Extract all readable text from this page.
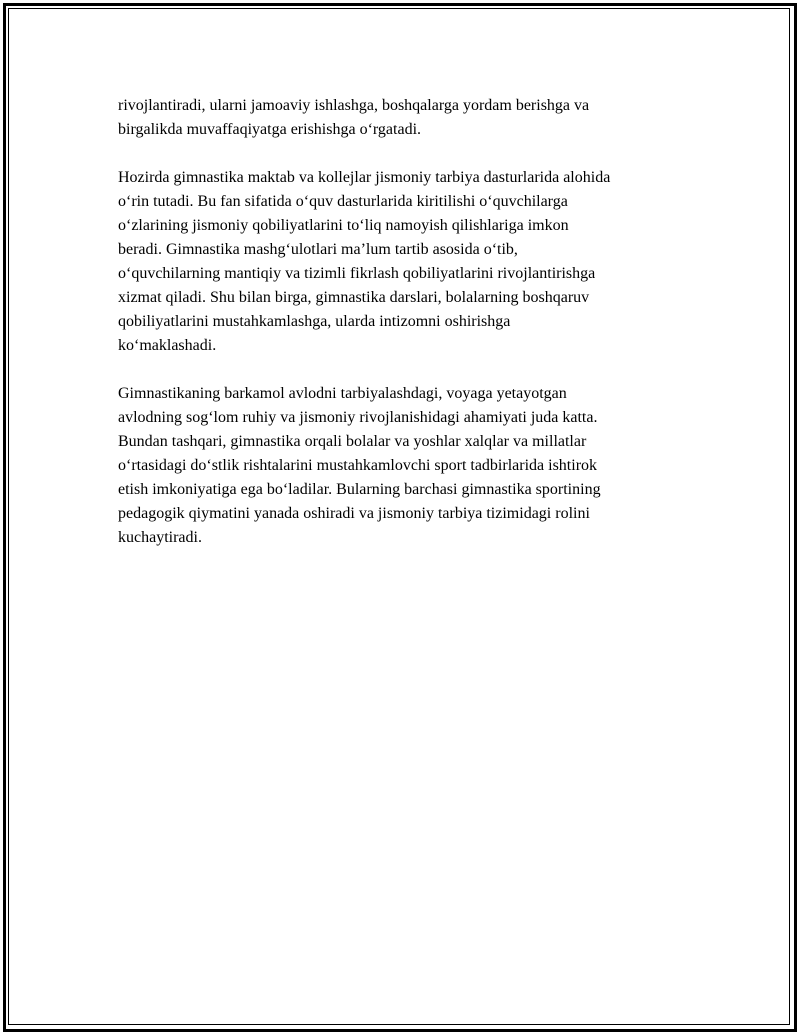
rivojlantiradi, ularni jamoaviy ishlashga, boshqalarga yordam berishga va
birgalikda muvaffaqiyatga erishishga o‘rgatadi.

Hozirda gimnastika maktab va kollejlar jismoniy tarbiya dasturlarida alohida
o‘rin tutadi. Bu fan sifatida o‘quv dasturlarida kiritilishi o‘quvchilarga
o‘zlarining jismoniy qobiliyatlarini to‘liq namoyish qilishlariga imkon
beradi. Gimnastika mashg‘ulotlari ma’lum tartib asosida o‘tib,
o‘quvchilarning mantiqiy va tizimli fikrlash qobiliyatlarini rivojlantirishga
xizmat qiladi. Shu bilan birga, gimnastika darslari, bolalarning boshqaruv
qobiliyatlarini mustahkamlashga, ularda intizomni oshirishga
ko‘maklashadi.

Gimnastikaning barkamol avlodni tarbiyalashdagi, voyaga yetayotgan
avlodning sog‘lom ruhiy va jismoniy rivojlanishidagi ahamiyati juda katta.
Bundan tashqari, gimnastika orqali bolalar va yoshlar xalqlar va millatlar
o‘rtasidagi do‘stlik rishtalarini mustahkamlovchi sport tadbirlarida ishtirok
etish imkoniyatiga ega bo‘ladilar. Bularning barchasi gimnastika sportining
pedagogik qiymatini yanada oshiradi va jismoniy tarbiya tizimidagi rolini
kuchaytiradi.
